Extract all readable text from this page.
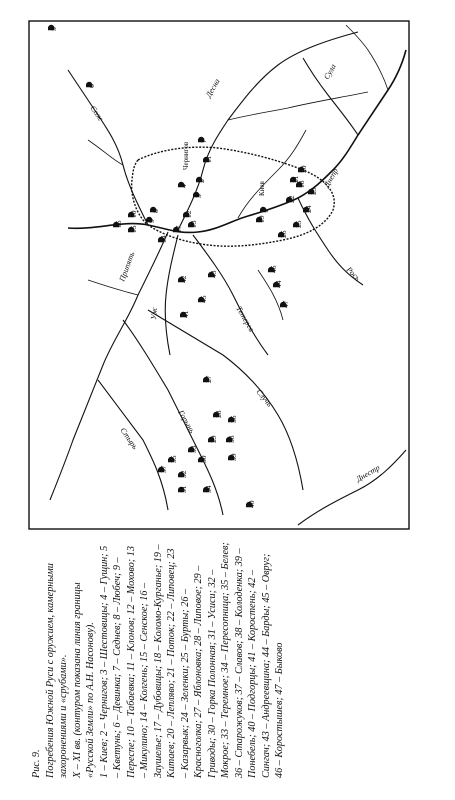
Десна
Сож
Днепр
Припять
Горынь
Стырь
Случь
Тетерев
Уж
Сула
Рось
Днестр
Киев
Чернигов
1
2
3
4
5
6
7
8
9
10
11
12
13
14
15
16
17
18
19
20
21
22
23
24
25
26
27
28
29
30
31
32
33
34
35
36
37
38
39
40
41
42
43
44
45
46
47

Рис. 9. Погребения Южной Руси с оружием, камерными захоронениями и «срубами». X – XI вв. (контуром показана линия границы «Русской Земли» по А.Н. Насонову). 1 – Киев; 2 – Чернигов; 3 – Шестовицы; 4 – Гущин; 5 – Кветунь; 6 – Девинка; 7 – Седнев; 8 – Любеч; 9 – Переспе; 10 – Табаевка; 11 – Клонов; 12 – Мохово; 13 – Микулино; 14 – Колгень; 15 – Сенское; 16 – Заушелье; 17 – Дубовицы; 18 – Коломо-Курганье; 19 – Китаев; 20 – Лепляво; 21 – Поток; 22 – Липовец; 23 – Казарвык; 24 – Зеленки; 25 – Бурты; 26 – Красноголка; 27 – Яблоновка; 28 – Липовое; 29 – Гриводы; 30 – Горка Полонная; 31 – Усиси; 32 – Мокрое; 33 – Теремное; 34 – Пересопница; 35 – Белев; 36 – Старожуков; 37 – Славов; 38 – Колоденка; 39 – Понебель; 40 – Подгорцы; 41 – Коростень; 42 – Сингач; 43 – Андреевщина; 44 – Барды; 45 – Овруг; 46 – Коростышев; 47 – Быково
